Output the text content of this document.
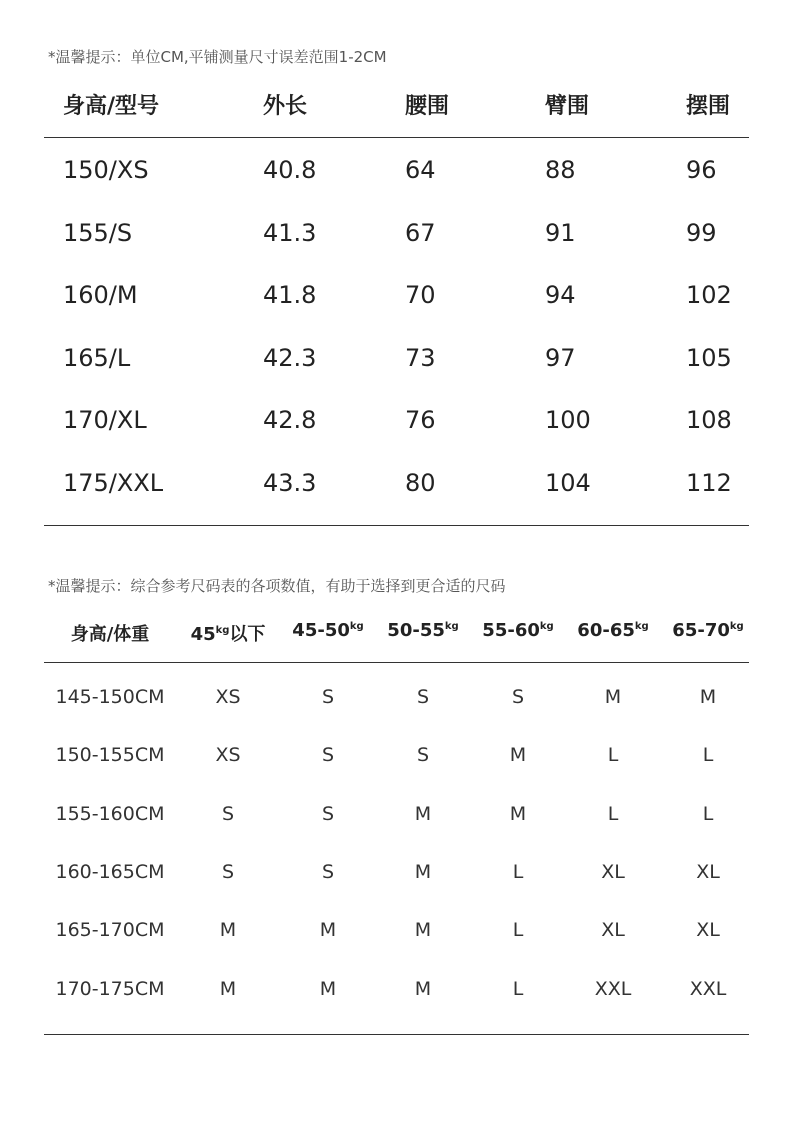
*温馨提示：单位CM,平铺测量尺寸误差范围1-2CM
身高/型号	外长	腰围	臂围	摆围
150/XS	40.8	64	88	96
155/S	41.3	67	91	99
160/M	41.8	70	94	102
165/L	42.3	73	97	105
170/XL	42.8	76	100	108
175/XXL	43.3	80	104	112
*温馨提示：综合参考尺码表的各项数值，有助于选择到更合适的尺码
身高/体重 $45^{kg}$以下 $45-50^{kg}$ $50-55^{kg}$ $55-60^{kg}$ $60-65^{kg}$ $65-70^{kg}$
145-150CM	XS	S	S	S	M	M
150-155CM	XS	S	S	M	L	L
155-160CM	S	S	M	M	L	L
160-165CM	S	S	M	L	XL	XL
165-170CM	M	M	M	L	XL	XL
170-175CM	M	M	M	L	XXL	XXL
